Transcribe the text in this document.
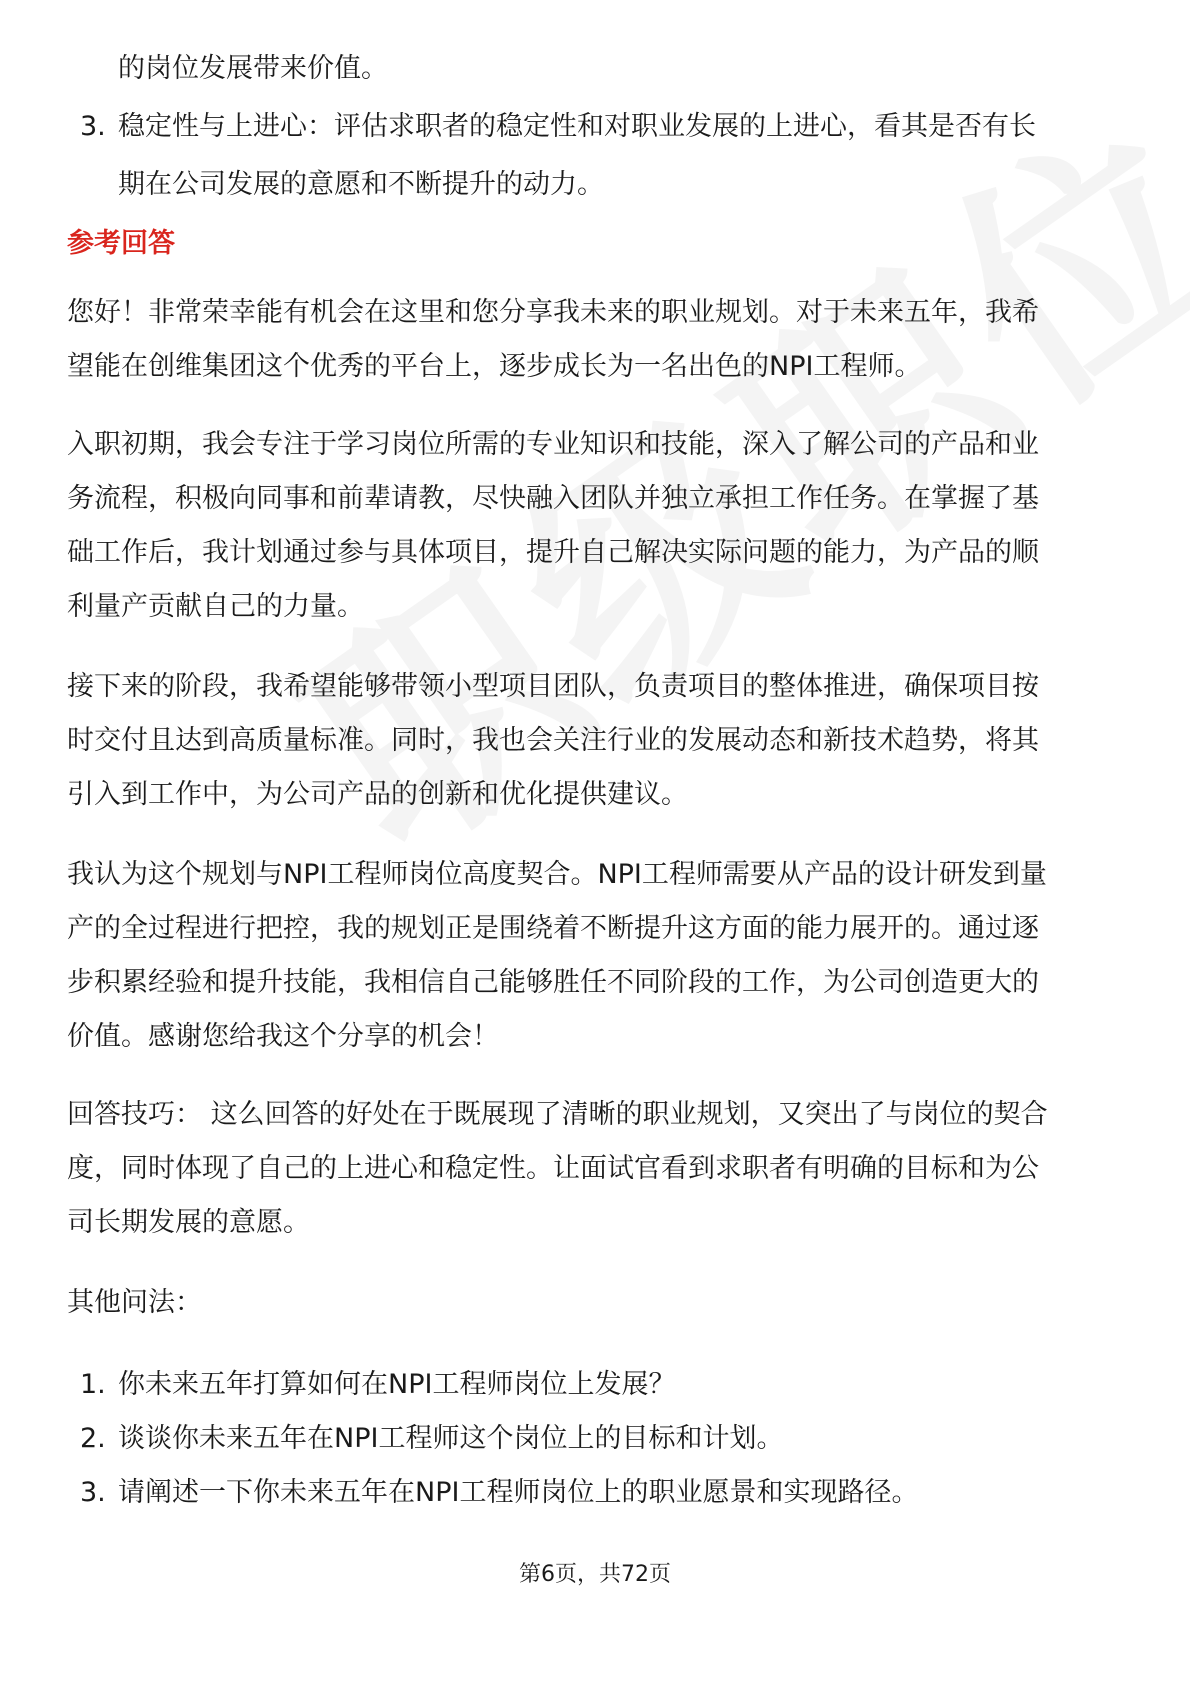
的岗位发展带来价值。
3. 稳定性与上进心：评估求职者的稳定性和对职业发展的上进心，看其是否有长
期在公司发展的意愿和不断提升的动力。
参考回答
您好！非常荣幸能有机会在这里和您分享我未来的职业规划。对于未来五年，我希
望能在创维集团这个优秀的平台上，逐步成长为一名出色的NPI工程师。
入职初期，我会专注于学习岗位所需的专业知识和技能，深入了解公司的产品和业
务流程，积极向同事和前辈请教，尽快融入团队并独立承担工作任务。在掌握了基
础工作后，我计划通过参与具体项目，提升自己解决实际问题的能力，为产品的顺
利量产贡献自己的力量。
接下来的阶段，我希望能够带领小型项目团队，负责项目的整体推进，确保项目按
时交付且达到高质量标准。同时，我也会关注行业的发展动态和新技术趋势，将其
引入到工作中，为公司产品的创新和优化提供建议。
我认为这个规划与NPI工程师岗位高度契合。NPI工程师需要从产品的设计研发到量
产的全过程进行把控，我的规划正是围绕着不断提升这方面的能力展开的。通过逐
步积累经验和提升技能，我相信自己能够胜任不同阶段的工作，为公司创造更大的
价值。感谢您给我这个分享的机会！
回答技巧： 这么回答的好处在于既展现了清晰的职业规划，又突出了与岗位的契合
度，同时体现了自己的上进心和稳定性。让面试官看到求职者有明确的目标和为公
司长期发展的意愿。
其他问法：
1. 你未来五年打算如何在NPI工程师岗位上发展？
2. 谈谈你未来五年在NPI工程师这个岗位上的目标和计划。
3. 请阐述一下你未来五年在NPI工程师岗位上的职业愿景和实现路径。
第6页，共72页
